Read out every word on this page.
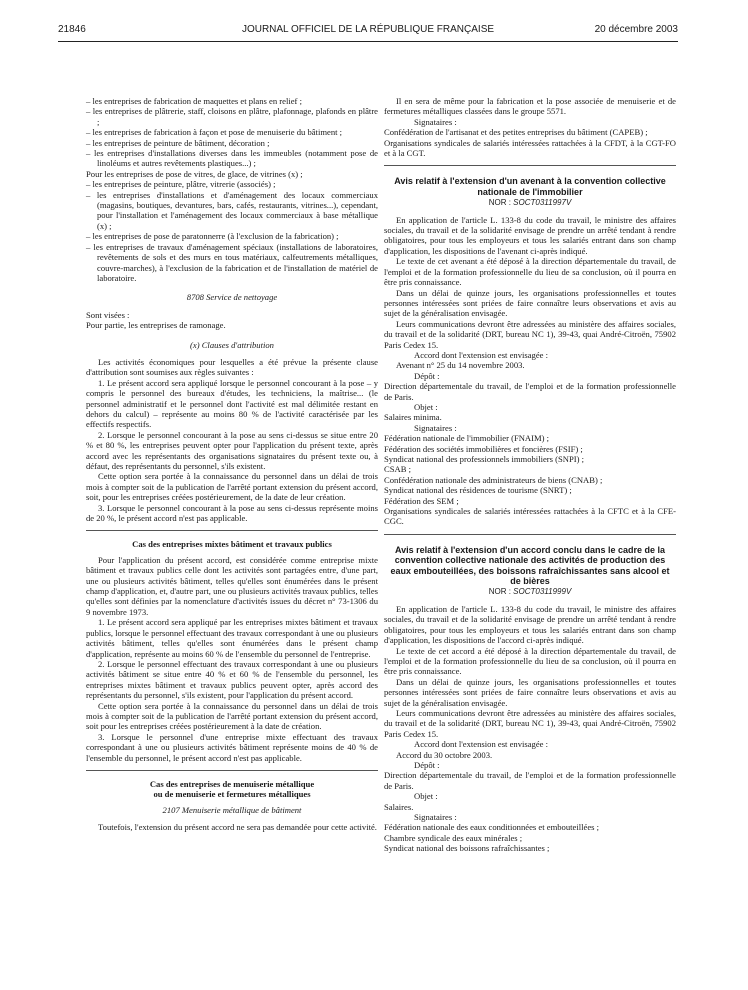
21846	JOURNAL OFFICIEL DE LA RÉPUBLIQUE FRANÇAISE	20 décembre 2003

– les entreprises de fabrication de maquettes et plans en relief ;

– les entreprises de plâtrerie, staff, cloisons en plâtre, plafonnage, plafonds en plâtre ;

– les entreprises de fabrication à façon et pose de menuiserie du bâtiment ;

– les entreprises de peinture de bâtiment, décoration ;

– les entreprises d'installations diverses dans les immeubles (notamment pose de linoléums et autres revêtements plastiques...) ;

Pour les entreprises de pose de vitres, de glace, de vitrines (x) ;

– les entreprises de peinture, plâtre, vitrerie (associés) ;

– les entreprises d'installations et d'aménagement des locaux commerciaux (magasins, boutiques, devantures, bars, cafés, restaurants, vitrines...), cependant, pour l'installation et l'aménagement des locaux commerciaux à base métallique (x) ;

– les entreprises de pose de paratonnerre (à l'exclusion de la fabrication) ;

– les entreprises de travaux d'aménagement spéciaux (installations de laboratoires, revêtements de sols et des murs en tous matériaux, calfeutrements métalliques, couvre-marches), à l'exclusion de la fabrication et de l'installation de matériel de laboratoire.

8708 Service de nettoyage

Sont visées :

Pour partie, les entreprises de ramonage.

(x) Clauses d'attribution

Les activités économiques pour lesquelles a été prévue la présente clause d'attribution sont soumises aux règles suivantes :

1. Le présent accord sera appliqué lorsque le personnel concourant à la pose – y compris le personnel des bureaux d'études, les techniciens, la maîtrise... (le personnel administratif et le personnel dont l'activité est mal délimitée restant en dehors du calcul) – représente au moins 80 % de l'activité caractérisée par les effectifs respectifs.

2. Lorsque le personnel concourant à la pose au sens ci-dessus se situe entre 20 % et 80 %, les entreprises peuvent opter pour l'application du présent texte, après accord avec les représentants des organisations signataires du présent texte ou, à défaut, des représentants du personnel, s'ils existent.

Cette option sera portée à la connaissance du personnel dans un délai de trois mois à compter soit de la publication de l'arrêté portant extension du présent accord, soit, pour les entreprises créées postérieurement, de la date de leur création.

3. Lorsque le personnel concourant à la pose au sens ci-dessus représente moins de 20 %, le présent accord n'est pas applicable.

Cas des entreprises mixtes bâtiment et travaux publics

Pour l'application du présent accord, est considérée comme entreprise mixte bâtiment et travaux publics celle dont les activités sont partagées entre, d'une part, une ou plusieurs activités bâtiment, telles qu'elles sont énumérées dans le présent champ d'application, et, d'autre part, une ou plusieurs activités travaux publics, telles qu'elles sont définies par la nomenclature d'activités issues du décret n° 73-1306 du 9 novembre 1973.

1. Le présent accord sera appliqué par les entreprises mixtes bâtiment et travaux publics, lorsque le personnel effectuant des travaux correspondant à une ou plusieurs activités bâtiment, telles qu'elles sont énumérées dans le présent champ d'application, représente au moins 60 % de l'ensemble du personnel de l'entreprise.

2. Lorsque le personnel effectuant des travaux correspondant à une ou plusieurs activités bâtiment se situe entre 40 % et 60 % de l'ensemble du personnel, les entreprises mixtes bâtiment et travaux publics peuvent opter, après accord des représentants du personnel, s'ils existent, pour l'application du présent accord.

Cette option sera portée à la connaissance du personnel dans un délai de trois mois à compter soit de la publication de l'arrêté portant extension du présent accord, soit pour les entreprises créées postérieurement à la date de création.

3. Lorsque le personnel d'une entreprise mixte effectuant des travaux correspondant à une ou plusieurs activités bâtiment représente moins de 40 % de l'ensemble du personnel, le présent accord n'est pas applicable.

Cas des entreprises de menuiserie métallique

ou de menuiserie et fermetures métalliques

2107 Menuiserie métallique de bâtiment

Toutefois, l'extension du présent accord ne sera pas demandée pour cette activité.

Il en sera de même pour la fabrication et la pose associée de menuiserie et de fermetures métalliques classées dans le groupe 5571.

Signataires :

Confédération de l'artisanat et des petites entreprises du bâtiment (CAPEB) ;

Organisations syndicales de salariés intéressées rattachées à la CFDT, à la CGT-FO et à la CGT.

Avis relatif à l'extension d'un avenant à la convention collective nationale de l'immobilier

NOR : SOCT0311997V

En application de l'article L. 133-8 du code du travail, le ministre des affaires sociales, du travail et de la solidarité envisage de prendre un arrêté tendant à rendre obligatoires, pour tous les employeurs et tous les salariés entrant dans son champ d'application, les dispositions de l'avenant ci-après indiqué.

Le texte de cet avenant a été déposé à la direction départementale du travail, de l'emploi et de la formation professionnelle du lieu de sa conclusion, où il pourra en être pris connaissance.

Dans un délai de quinze jours, les organisations professionnelles et toutes personnes intéressées sont priées de faire connaître leurs observations et avis au sujet de la généralisation envisagée.

Leurs communications devront être adressées au ministère des affaires sociales, du travail et de la solidarité (DRT, bureau NC 1), 39-43, quai André-Citroën, 75902 Paris Cedex 15.

Accord dont l'extension est envisagée :

Avenant n° 25 du 14 novembre 2003.

Dépôt :

Direction départementale du travail, de l'emploi et de la formation professionnelle de Paris.

Objet :

Salaires minima.

Signataires :

Fédération nationale de l'immobilier (FNAIM) ;

Fédération des sociétés immobilières et foncières (FSIF) ;

Syndicat national des professionnels immobiliers (SNPI) ;

CSAB ;

Confédération nationale des administrateurs de biens (CNAB) ;

Syndicat national des résidences de tourisme (SNRT) ;

Fédération des SEM ;

Organisations syndicales de salariés intéressées rattachées à la CFTC et à la CFE-CGC.

Avis relatif à l'extension d'un accord conclu dans le cadre de la convention collective nationale des activités de production des eaux embouteillées, des boissons rafraîchissantes sans alcool et de bières

NOR : SOCT0311999V

En application de l'article L. 133-8 du code du travail, le ministre des affaires sociales, du travail et de la solidarité envisage de prendre un arrêté tendant à rendre obligatoires, pour tous les employeurs et tous les salariés entrant dans son champ d'application, les dispositions de l'accord ci-après indiqué.

Le texte de cet accord a été déposé à la direction départementale du travail, de l'emploi et de la formation professionnelle du lieu de sa conclusion, où il pourra en être pris connaissance.

Dans un délai de quinze jours, les organisations professionnelles et toutes personnes intéressées sont priées de faire connaître leurs observations et avis au sujet de la généralisation envisagée.

Leurs communications devront être adressées au ministère des affaires sociales, du travail et de la solidarité (DRT, bureau NC 1), 39-43, quai André-Citroën, 75902 Paris Cedex 15.

Accord dont l'extension est envisagée :

Accord du 30 octobre 2003.

Dépôt :

Direction départementale du travail, de l'emploi et de la formation professionnelle de Paris.

Objet :

Salaires.

Signataires :

Fédération nationale des eaux conditionnées et embouteillées ;

Chambre syndicale des eaux minérales ;

Syndicat national des boissons rafraîchissantes ;
